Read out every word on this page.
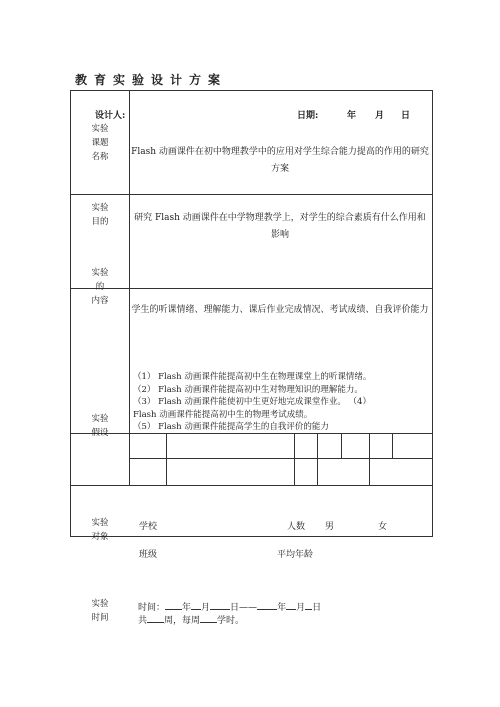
教育实验设计方案
设计人:	日期:	年 月 日
实验
课题
名称	Flash 动画课件在初中物理教学中的应用对学生综合能力提高的作用的研究方案
实验
目的	研究 Flash 动画课件在中学物理教学上，对学生的综合素质有什么作用和影响
实验
的
内容
学生的听课情绪、理解能力、课后作业完成情况、考试成绩、自我评价能力
（1） Flash 动画课件能提高初中生在物理课堂上的听课情绪。
（2） Flash 动画课件能提高初中生对物理知识的理解能力。
（3） Flash 动画课件能使初中生更好地完成课堂作业。 （4）
Flash 动画课件能提高初中生的物理考试成绩。
（5） Flash 动画课件能提高学生的自我评价的能力
实验
假设
实验
对象
学校	人数 男	女
班级	平均年龄
实验
时间
时间： 年 月 日—— 年 月 日
共 周，每周 学时。
